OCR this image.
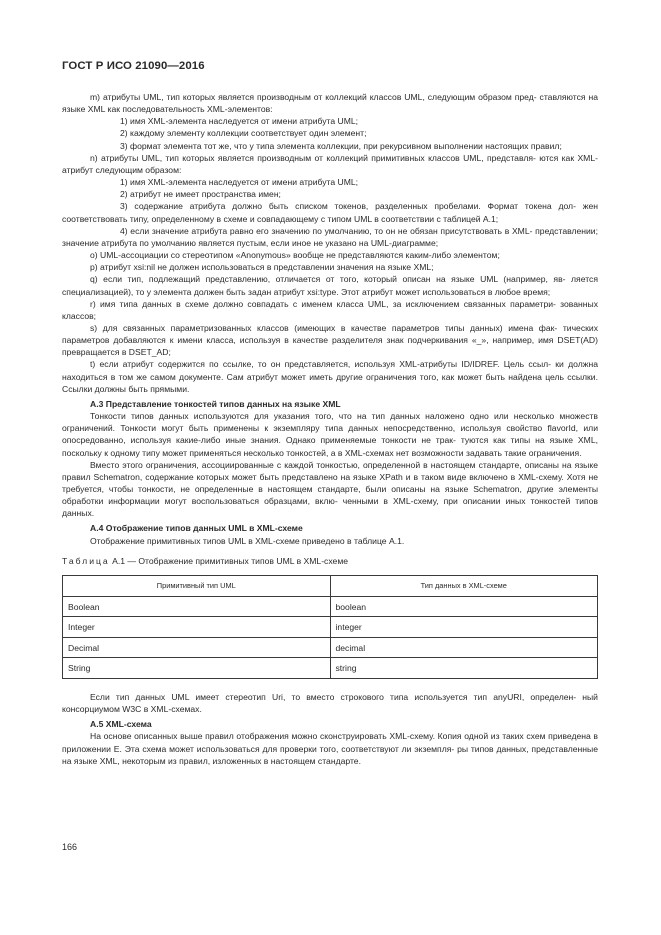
ГОСТ Р ИСО 21090—2016

m) атрибуты UML, тип которых является производным от коллекций классов UML, следующим образом пред- ставляются на языке XML как последовательность XML-элементов:

1) имя XML-элемента наследуется от имени атрибута UML;

2) каждому элементу коллекции соответствует один элемент;

3) формат элемента тот же, что у типа элемента коллекции, при рекурсивном выполнении настоящих правил;

n) атрибуты UML, тип которых является производным от коллекций примитивных классов UML, представля- ются как XML-атрибут следующим образом:

1) имя XML-элемента наследуется от имени атрибута UML;

2) атрибут не имеет пространства имен;

3) содержание атрибута должно быть списком токенов, разделенных пробелами. Формат токена дол- жен соответствовать типу, определенному в схеме и совпадающему с типом UML в соответствии с таблицей А.1;

4) если значение атрибута равно его значению по умолчанию, то он не обязан присутствовать в XML- представлении; значение атрибута по умолчанию является пустым, если иное не указано на UML-диаграмме;

о) UML-ассоциации со стереотипом «Anonymous» вообще не представляются каким-либо элементом;

р) атрибут xsi:nil не должен использоваться в представлении значения на языке XML;

q) если тип, подлежащий представлению, отличается от того, который описан на языке UML (например, яв- ляется специализацией), то у элемента должен быть задан атрибут xsi:type. Этот атрибут может использоваться в любое время;

r) имя типа данных в схеме должно совпадать с именем класса UML, за исключением связанных параметри- зованных классов;

s) для связанных параметризованных классов (имеющих в качестве параметров типы данных) имена фак- тических параметров добавляются к имени класса, используя в качестве разделителя знак подчеркивания «_», например, имя DSET(AD) превращается в DSET_AD;

t) если атрибут содержится по ссылке, то он представляется, используя XML-атрибуты ID/IDREF. Цель ссыл- ки должна находиться в том же самом документе. Сам атрибут может иметь другие ограничения того, как может быть найдена цель ссылки. Ссылки должны быть прямыми.

А.3 Представление тонкостей типов данных на языке XML

Тонкости типов данных используются для указания того, что на тип данных наложено одно или несколько множеств ограничений. Тонкости могут быть применены к экземпляру типа данных непосредственно, используя свойство flavorId, или опосредованно, используя какие-либо иные знания. Однако применяемые тонкости не трак- туются как типы на языке XML, поскольку к одному типу может применяться несколько тонкостей, а в XML-схемах нет возможности задавать такие ограничения.

Вместо этого ограничения, ассоциированные с каждой тонкостью, определенной в настоящем стандарте, описаны на языке правил Schematron, содержание которых может быть представлено на языке XPath и в таком виде включено в XML-схему. Хотя не требуется, чтобы тонкости, не определенные в настоящем стандарте, были описаны на языке Schematron, другие элементы обработки информации могут воспользоваться образцами, вклю- ченными в XML-схему, при описании иных тонкостей типов данных.

А.4 Отображение типов данных UML в XML-схеме

Отображение примитивных типов UML в XML-схеме приведено в таблице А.1.

Таблица А.1 — Отображение примитивных типов UML в XML-схеме

Примитивный тип UML	Тип данных в XML-схеме
Boolean	boolean
Integer	integer
Decimal	decimal
String	string

Если тип данных UML имеет стереотип Uri, то вместо строкового типа используется тип anyURI, определен- ный консорциумом W3C в XML-схемах.

А.5 XML-схема

На основе описанных выше правил отображения можно сконструировать XML-схему. Копия одной из таких схем приведена в приложении Е. Эта схема может использоваться для проверки того, соответствуют ли экземпля- ры типов данных, представленные на языке XML, некоторым из правил, изложенных в настоящем стандарте.

166
